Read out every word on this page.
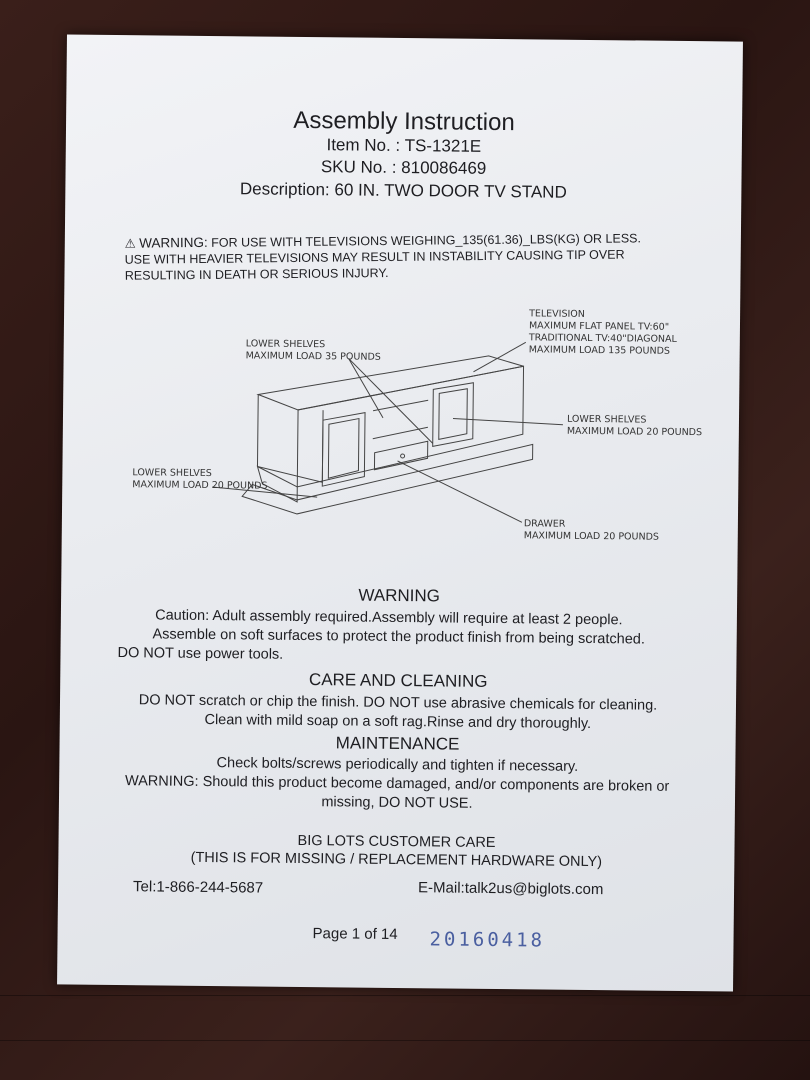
Assembly Instruction
Item No. : TS-1321E
SKU No. : 810086469
Description: 60 IN. TWO DOOR TV STAND
⚠ WARNING: FOR USE WITH TELEVISIONS WEIGHING_135(61.36)_LBS(KG) OR LESS.
USE WITH HEAVIER TELEVISIONS MAY RESULT IN INSTABILITY CAUSING TIP OVER
RESULTING IN DEATH OR SERIOUS INJURY.
TELEVISION
MAXIMUM FLAT PANEL TV:60"
TRADITIONAL TV:40"DIAGONAL
MAXIMUM LOAD 135 POUNDS
LOWER SHELVES
MAXIMUM LOAD 35 POUNDS
LOWER SHELVES
MAXIMUM LOAD 20 POUNDS
LOWER SHELVES
MAXIMUM LOAD 20 POUNDS
DRAWER
MAXIMUM LOAD 20 POUNDS
WARNING
Caution: Adult assembly required.Assembly will require at least 2 people.
Assemble on soft surfaces to protect the product finish from being scratched.
DO NOT use power tools.
CARE AND CLEANING
DO NOT scratch or chip the finish. DO NOT use abrasive chemicals for cleaning.
Clean with mild soap on a soft rag.Rinse and dry thoroughly.
MAINTENANCE
Check bolts/screws periodically and tighten if necessary.
WARNING: Should this product become damaged, and/or components are broken or
missing, DO NOT USE.
BIG LOTS CUSTOMER CARE
(THIS IS FOR MISSING / REPLACEMENT HARDWARE ONLY)
Tel:1-866-244-5687	E-Mail:talk2us@biglots.com
Page 1 of 14 20160418
